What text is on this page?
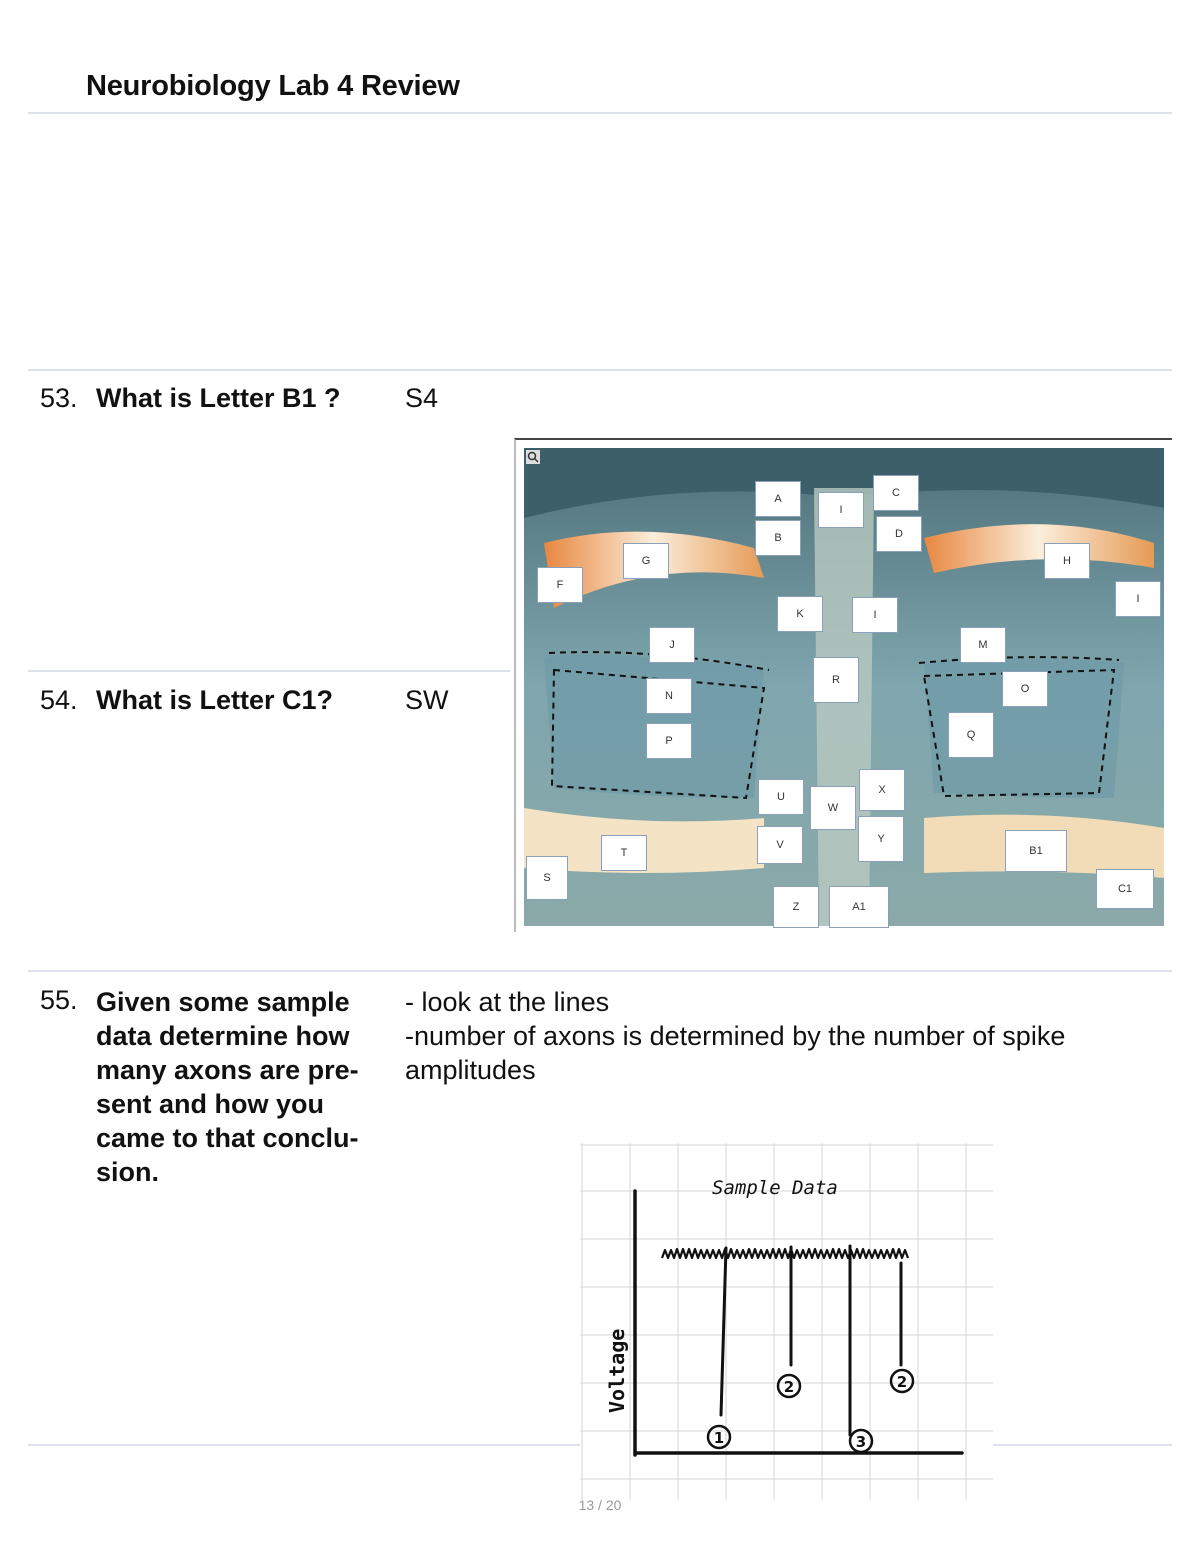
Neurobiology Lab 4 Review
53. What is Letter B1 ? S4
54. What is Letter C1?	SW
A
B
I
C
D
G
F
H
I
K	I
J	M
R
N
O
P	Q
U
W
X
V	Y
T	B1
S
C1
Z	A1
55. Given some sample
data determine how
many axons are pre-
sent and how you
came to that conclu-
sion.
- look at the lines
-number of axons is determined by the number of spike
amplitudes
Sample Data
Voltage
1
2	2
3
13 / 20
